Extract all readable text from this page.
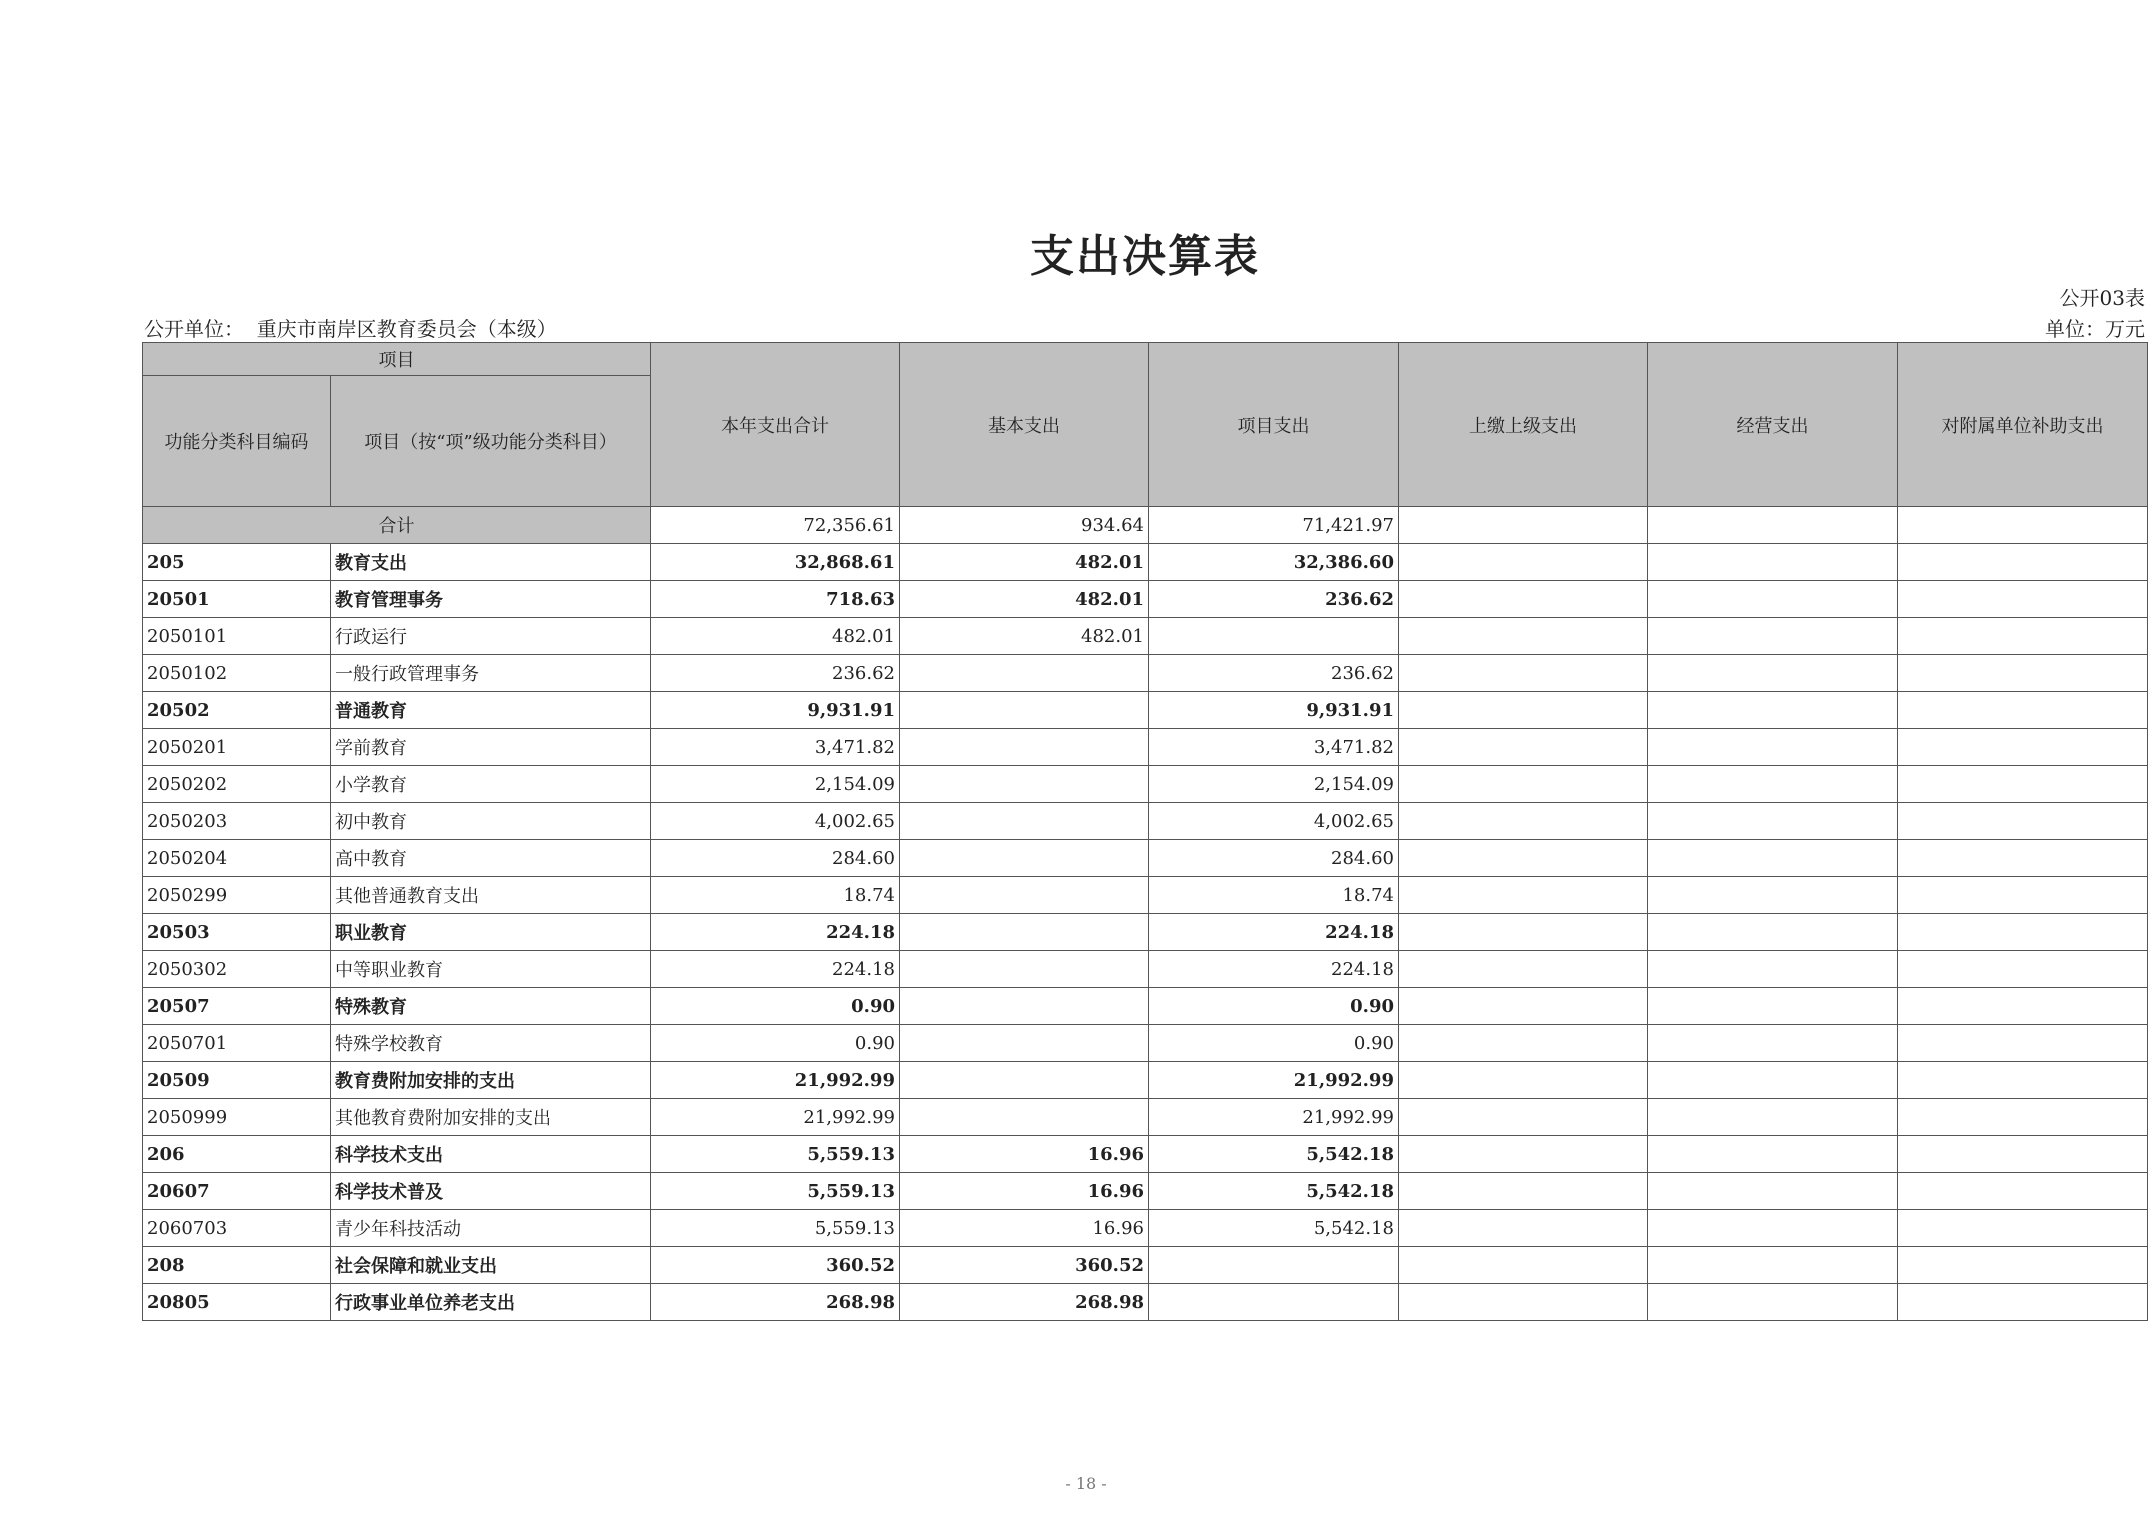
支出决算表
公开03表
公开单位：  重庆市南岸区教育委员会（本级）	单位：万元
项目		本年支出合计	基本支出	项目支出	上缴上级支出	经营支出	对附属单位补助支出
功能分类科目编码	项目（按“项”级功能分类科目）						
合计		72,356.61	934.64	71,421.97			
205	教育支出	32,868.61	482.01	32,386.60			
20501	教育管理事务	718.63	482.01	236.62			
2050101	行政运行	482.01	482.01				
2050102	一般行政管理事务	236.62		236.62			
20502	普通教育	9,931.91		9,931.91			
2050201	学前教育	3,471.82		3,471.82			
2050202	小学教育	2,154.09		2,154.09			
2050203	初中教育	4,002.65		4,002.65			
2050204	高中教育	284.60		284.60			
2050299	其他普通教育支出	18.74		18.74			
20503	职业教育	224.18		224.18			
2050302	中等职业教育	224.18		224.18			
20507	特殊教育	0.90		0.90			
2050701	特殊学校教育	0.90		0.90			
20509	教育费附加安排的支出	21,992.99		21,992.99			
2050999	其他教育费附加安排的支出	21,992.99		21,992.99			
206	科学技术支出	5,559.13	16.96	5,542.18			
20607	科学技术普及	5,559.13	16.96	5,542.18			
2060703	青少年科技活动	5,559.13	16.96	5,542.18			
208	社会保障和就业支出	360.52	360.52				
20805	行政事业单位养老支出	268.98	268.98				
- 18 -
